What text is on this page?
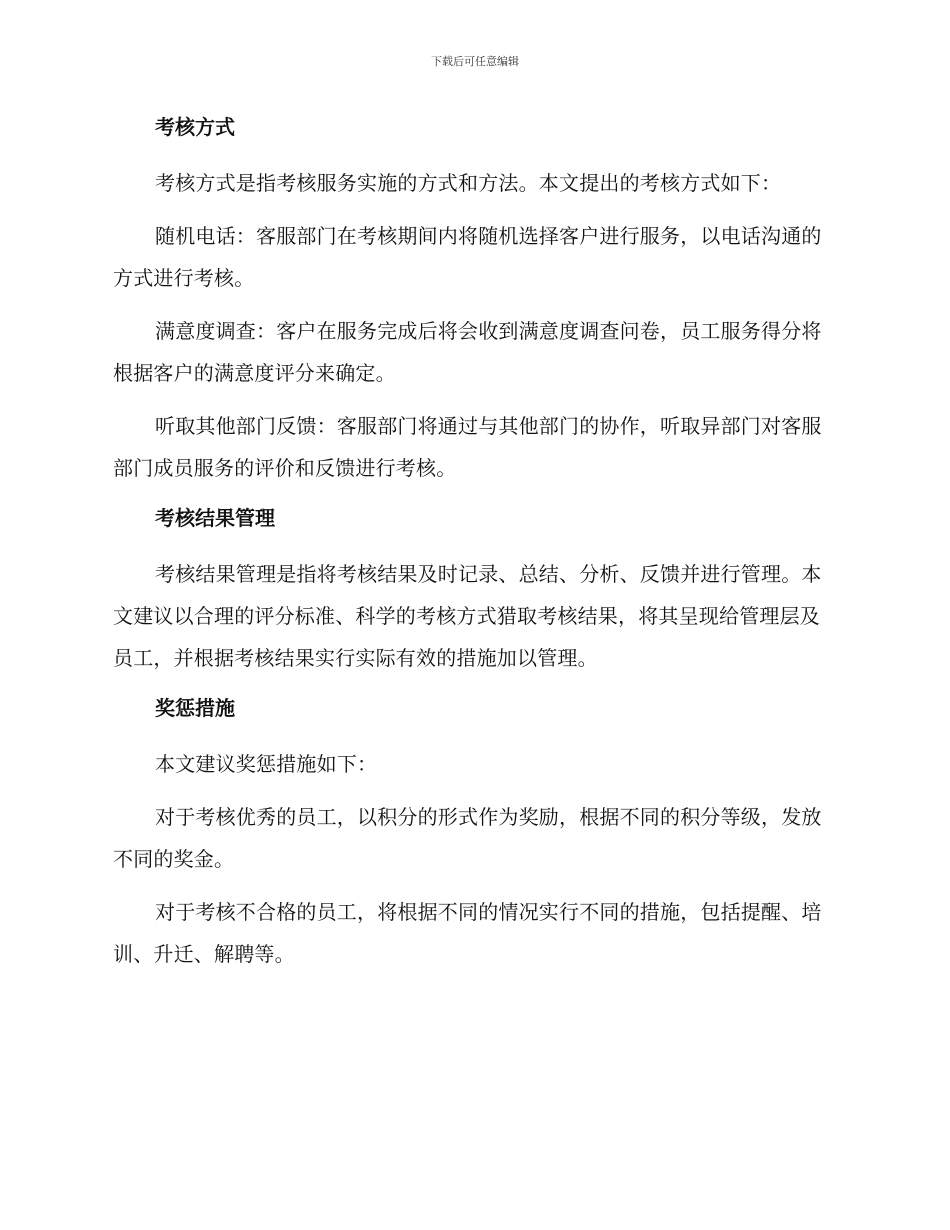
下载后可任意编辑
考核方式

考核方式是指考核服务实施的方式和方法。本文提出的考核方式如下：

随机电话：客服部门在考核期间内将随机选择客户进行服务，以电话沟通的方式进行考核。

满意度调查：客户在服务完成后将会收到满意度调查问卷，员工服务得分将根据客户的满意度评分来确定。

听取其他部门反馈：客服部门将通过与其他部门的协作，听取异部门对客服部门成员服务的评价和反馈进行考核。

考核结果管理

考核结果管理是指将考核结果及时记录、总结、分析、反馈并进行管理。本文建议以合理的评分标准、科学的考核方式猎取考核结果，将其呈现给管理层及员工，并根据考核结果实行实际有效的措施加以管理。

奖惩措施

本文建议奖惩措施如下：

对于考核优秀的员工，以积分的形式作为奖励，根据不同的积分等级，发放不同的奖金。

对于考核不合格的员工，将根据不同的情况实行不同的措施，包括提醒、培训、升迁、解聘等。
